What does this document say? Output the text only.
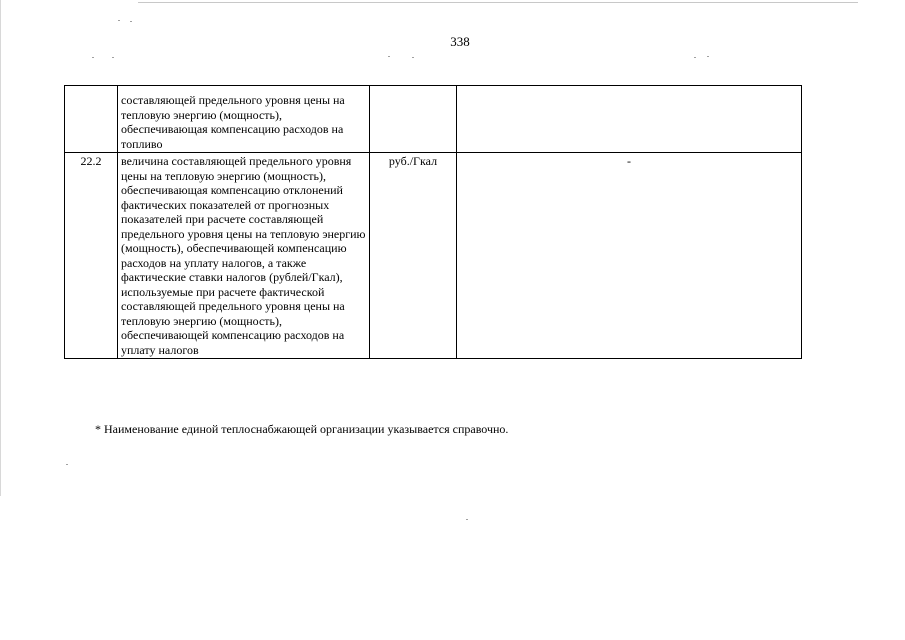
338
	составляющей предельного уровня цены на тепловую энергию (мощность), обеспечивающая компенсацию расходов на топливо		
22.2	величина составляющей предельного уровня цены на тепловую энергию (мощность), обеспечивающая компенсацию отклонений фактических показателей от прогнозных показателей при расчете составляющей предельного уровня цены на тепловую энергию (мощность), обеспечивающей компенсацию расходов на уплату налогов, а также фактические ставки налогов (рублей/Гкал), используемые при расчете фактической составляющей предельного уровня цены на тепловую энергию (мощность), обеспечивающей компенсацию расходов на уплату налогов	руб./Гкал	-
* Наименование единой теплоснабжающей организации указывается справочно.
